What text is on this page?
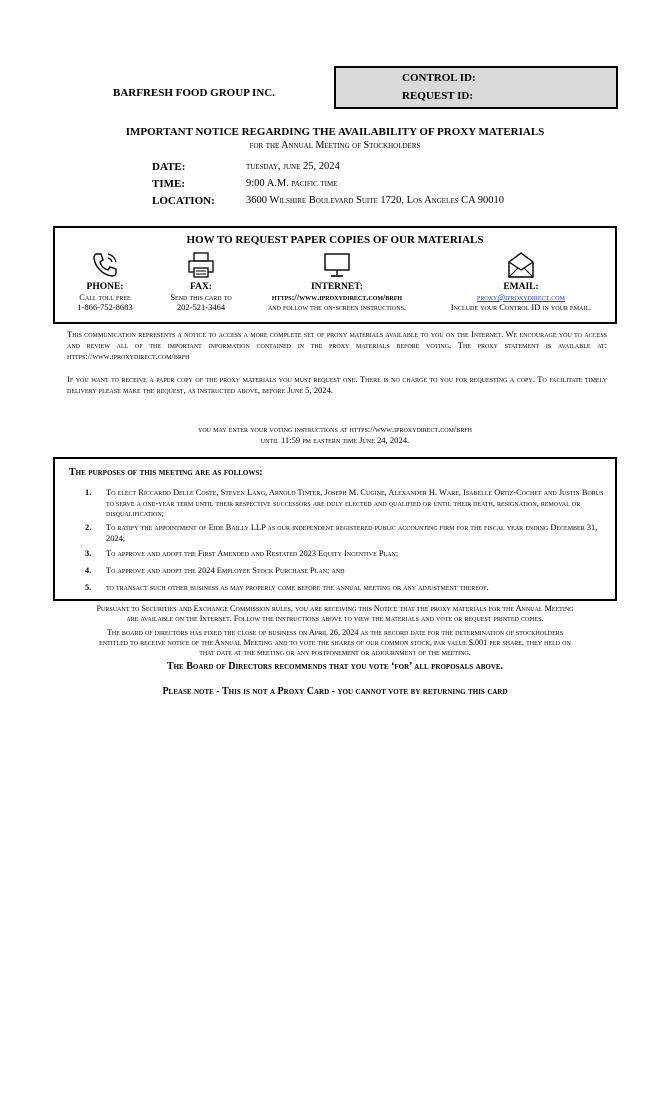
BARFRESH FOOD GROUP INC.
CONTROL ID:
REQUEST ID:
IMPORTANT NOTICE REGARDING THE AVAILABILITY OF PROXY MATERIALS
for the Annual Meeting of Stockholders
DATE:	tuesday, june 25, 2024
TIME:	9:00 A.M. pacific time
LOCATION:	3600 Wilshire Boulevard Suite 1720, Los Angeles CA 90010
HOW TO REQUEST PAPER COPIES OF OUR MATERIALS
PHONE:
Call toll free
1-866-752-8683
FAX:
Send this card to
202-521-3464
INTERNET:
https://www.iproxydirect.com/brfh
and follow the on-screen instructions.
EMAIL:
proxy@iproxydirect.com
Include your Control ID in your email.
This communication represents a notice to access a more complete set of proxy materials available to you on the Internet. We encourage you to access and review all of the important information contained in the proxy materials before voting. The proxy statement is available at: https://www.iproxydirect.com/brfh
If you want to receive a paper copy of the proxy materials you must request one. There is no charge to you for requesting a copy. To facilitate timely delivery please make the request, as instructed above, before June 5, 2024.
you may enter your voting instructions at https://www.iproxydirect.com/brfh
until 11:59 pm eastern time June 24, 2024.
The purposes of this meeting are as follows:
1. To elect Riccardo Delle Coste, Steven Lang, Arnold Tinter, Joseph M. Cugine, Alexander H. Ware, Isabelle Ortiz-Cochet and Justin Borus to serve a one-year term until their respective successors are duly elected and qualified or until their death, resignation, removal or disqualification;
2. To ratify the appointment of Eide Bailly LLP as our independent registered public accounting firm for the fiscal year ending December 31, 2024;
3. To approve and adopt the First Amended and Restated 2023 Equity Incentive Plan;
4. To approve and adopt the 2024 Employee Stock Purchase Plan; and
5. to transact such other business as may properly come before the annual meeting or any adjustment thereof.
Pursuant to Securities and Exchange Commission rules, you are receiving this Notice that the proxy materials for the Annual Meeting
are available on the Internet. Follow the instructions above to view the materials and vote or request printed copies.
The board of directors has fixed the close of business on April 26, 2024 as the record date for the determination of stockholders
entitled to receive notice of the Annual Meeting and to vote the shares of our common stock, par value $.001 per share, they held on
that date at the meeting or any postponement or adjournment of the meeting.
The Board of Directors recommends that you vote ‘for’ all proposals above.
Please note - This is not a Proxy Card - you cannot vote by returning this card
